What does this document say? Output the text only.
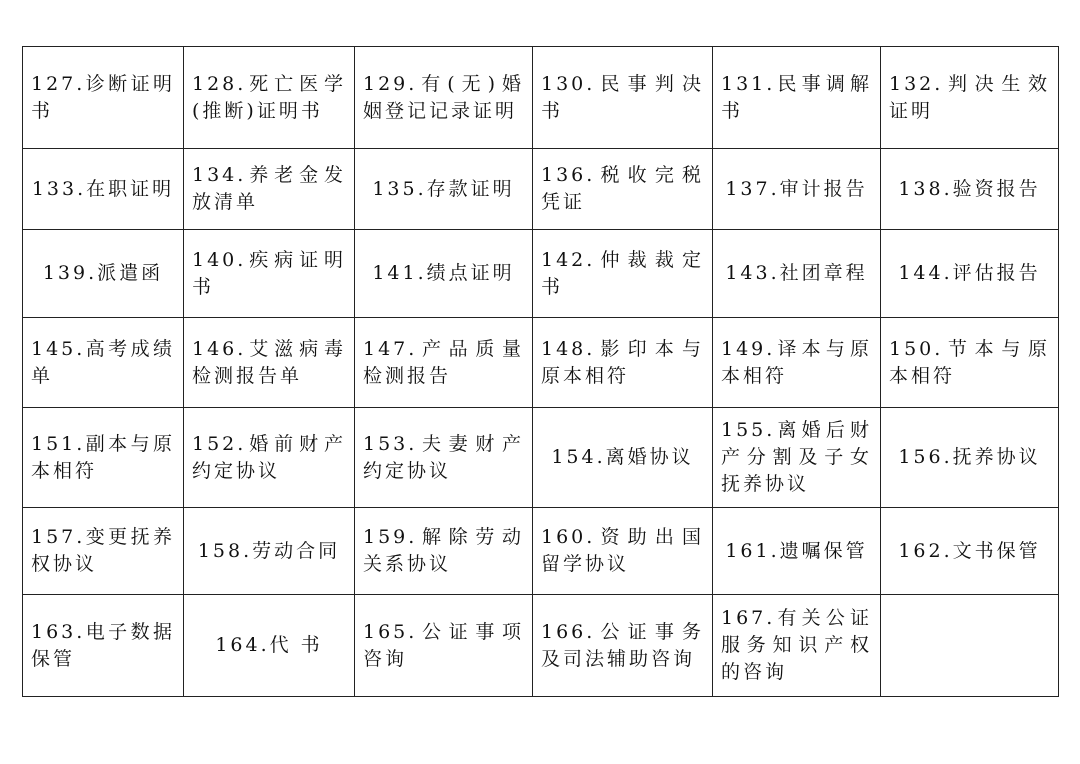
127.诊断证明书	128.死亡医学(推断)证明书	129.有(无)婚姻登记记录证明	130.民事判决书	131.民事调解书	132.判决生效证明
133.在职证明	134.养老金发放清单	135.存款证明	136.税收完税凭证	137.审计报告	138.验资报告
139.派遣函	140.疾病证明书	141.绩点证明	142.仲裁裁定书	143.社团章程	144.评估报告
145.高考成绩单	146.艾滋病毒检测报告单	147.产品质量检测报告	148.影印本与原本相符	149.译本与原本相符	150.节本与原本相符
151.副本与原本相符	152.婚前财产约定协议	153.夫妻财产约定协议	154.离婚协议	155.离婚后财产分割及子女抚养协议	156.抚养协议
157.变更抚养权协议	158.劳动合同	159.解除劳动关系协议	160.资助出国留学协议	161.遗嘱保管	162.文书保管
163.电子数据保管	164.代 书	165.公证事项咨询	166.公证事务及司法辅助咨询	167.有关公证服务知识产权的咨询	
